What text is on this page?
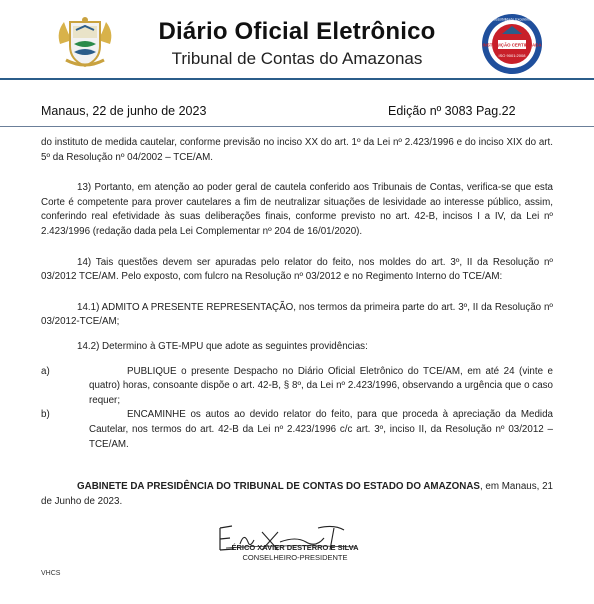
Diário Oficial Eletrônico
Tribunal de Contas do Amazonas
INSTITUIÇÃO CERTIFICADA
ISO 9001:2008
Acessibilidade Excelência
Manaus, 22 de junho de 2023	Edição nº 3083 Pag.22

do instituto de medida cautelar, conforme previsão no inciso XX do art. 1º da Lei nº 2.423/1996 e do inciso XIX do art. 5º da Resolução nº 04/2002 – TCE/AM.

13) Portanto, em atenção ao poder geral de cautela conferido aos Tribunais de Contas, verifica-se que esta Corte é competente para prover cautelares a fim de neutralizar situações de lesividade ao interesse público, assim, conferindo real efetividade às suas deliberações finais, conforme previsto no art. 42-B, incisos I a IV, da Lei nº 2.423/1996 (redação dada pela Lei Complementar nº 204 de 16/01/2020).

14) Tais questões devem ser apuradas pelo relator do feito, nos moldes do art. 3º, II da Resolução nº 03/2012 TCE/AM. Pelo exposto, com fulcro na Resolução nº 03/2012 e no Regimento Interno do TCE/AM:

14.1) ADMITO A PRESENTE REPRESENTAÇÃO, nos termos da primeira parte do art. 3º, II da Resolução nº 03/2012-TCE/AM;

14.2) Determino à GTE-MPU que adote as seguintes providências:

a)	PUBLIQUE o presente Despacho no Diário Oficial Eletrônico do TCE/AM, em até 24 (vinte e quatro) horas, consoante dispõe o art. 42-B, § 8º, da Lei nº 2.423/1996, observando a urgência que o caso requer;
b)	ENCAMINHE os autos ao devido relator do feito, para que proceda à apreciação da Medida Cautelar, nos termos do art. 42-B da Lei nº 2.423/1996 c/c art. 3º, inciso II, da Resolução nº 03/2012 – TCE/AM.

GABINETE DA PRESIDÊNCIA DO TRIBUNAL DE CONTAS DO ESTADO DO AMAZONAS, em Manaus, 21 de Junho de 2023.

ÉRICO XAVIER DESTERRO E SILVA
CONSELHEIRO-PRESIDENTE
VHCS
